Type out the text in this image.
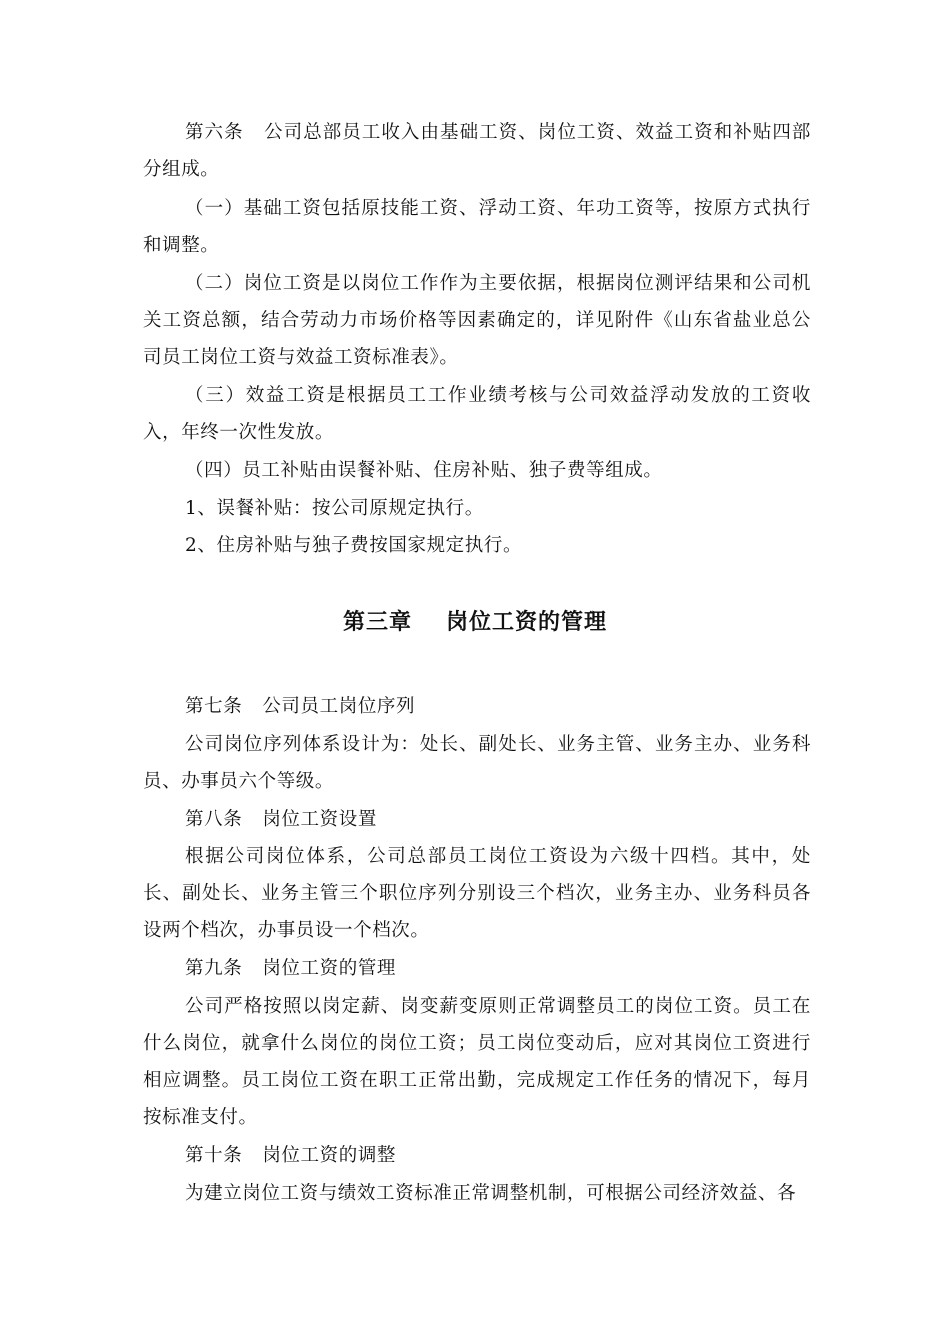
第六条 公司总部员工收入由基础工资、岗位工资、效益工资和补贴四部分组成。

（一）基础工资包括原技能工资、浮动工资、年功工资等，按原方式执行和调整。

（二）岗位工资是以岗位工作作为主要依据，根据岗位测评结果和公司机关工资总额，结合劳动力市场价格等因素确定的，详见附件《山东省盐业总公司员工岗位工资与效益工资标准表》。

（三）效益工资是根据员工工作业绩考核与公司效益浮动发放的工资收入，年终一次性发放。

（四）员工补贴由误餐补贴、住房补贴、独子费等组成。

1、误餐补贴：按公司原规定执行。

2、住房补贴与独子费按国家规定执行。

第三章 岗位工资的管理

第七条 公司员工岗位序列

公司岗位序列体系设计为：处长、副处长、业务主管、业务主办、业务科员、办事员六个等级。

第八条 岗位工资设置

根据公司岗位体系，公司总部员工岗位工资设为六级十四档。其中，处长、副处长、业务主管三个职位序列分别设三个档次，业务主办、业务科员各设两个档次，办事员设一个档次。

第九条 岗位工资的管理

公司严格按照以岗定薪、岗变薪变原则正常调整员工的岗位工资。员工在什么岗位，就拿什么岗位的岗位工资；员工岗位变动后，应对其岗位工资进行相应调整。员工岗位工资在职工正常出勤，完成规定工作任务的情况下，每月按标准支付。

第十条 岗位工资的调整

为建立岗位工资与绩效工资标准正常调整机制，可根据公司经济效益、各
